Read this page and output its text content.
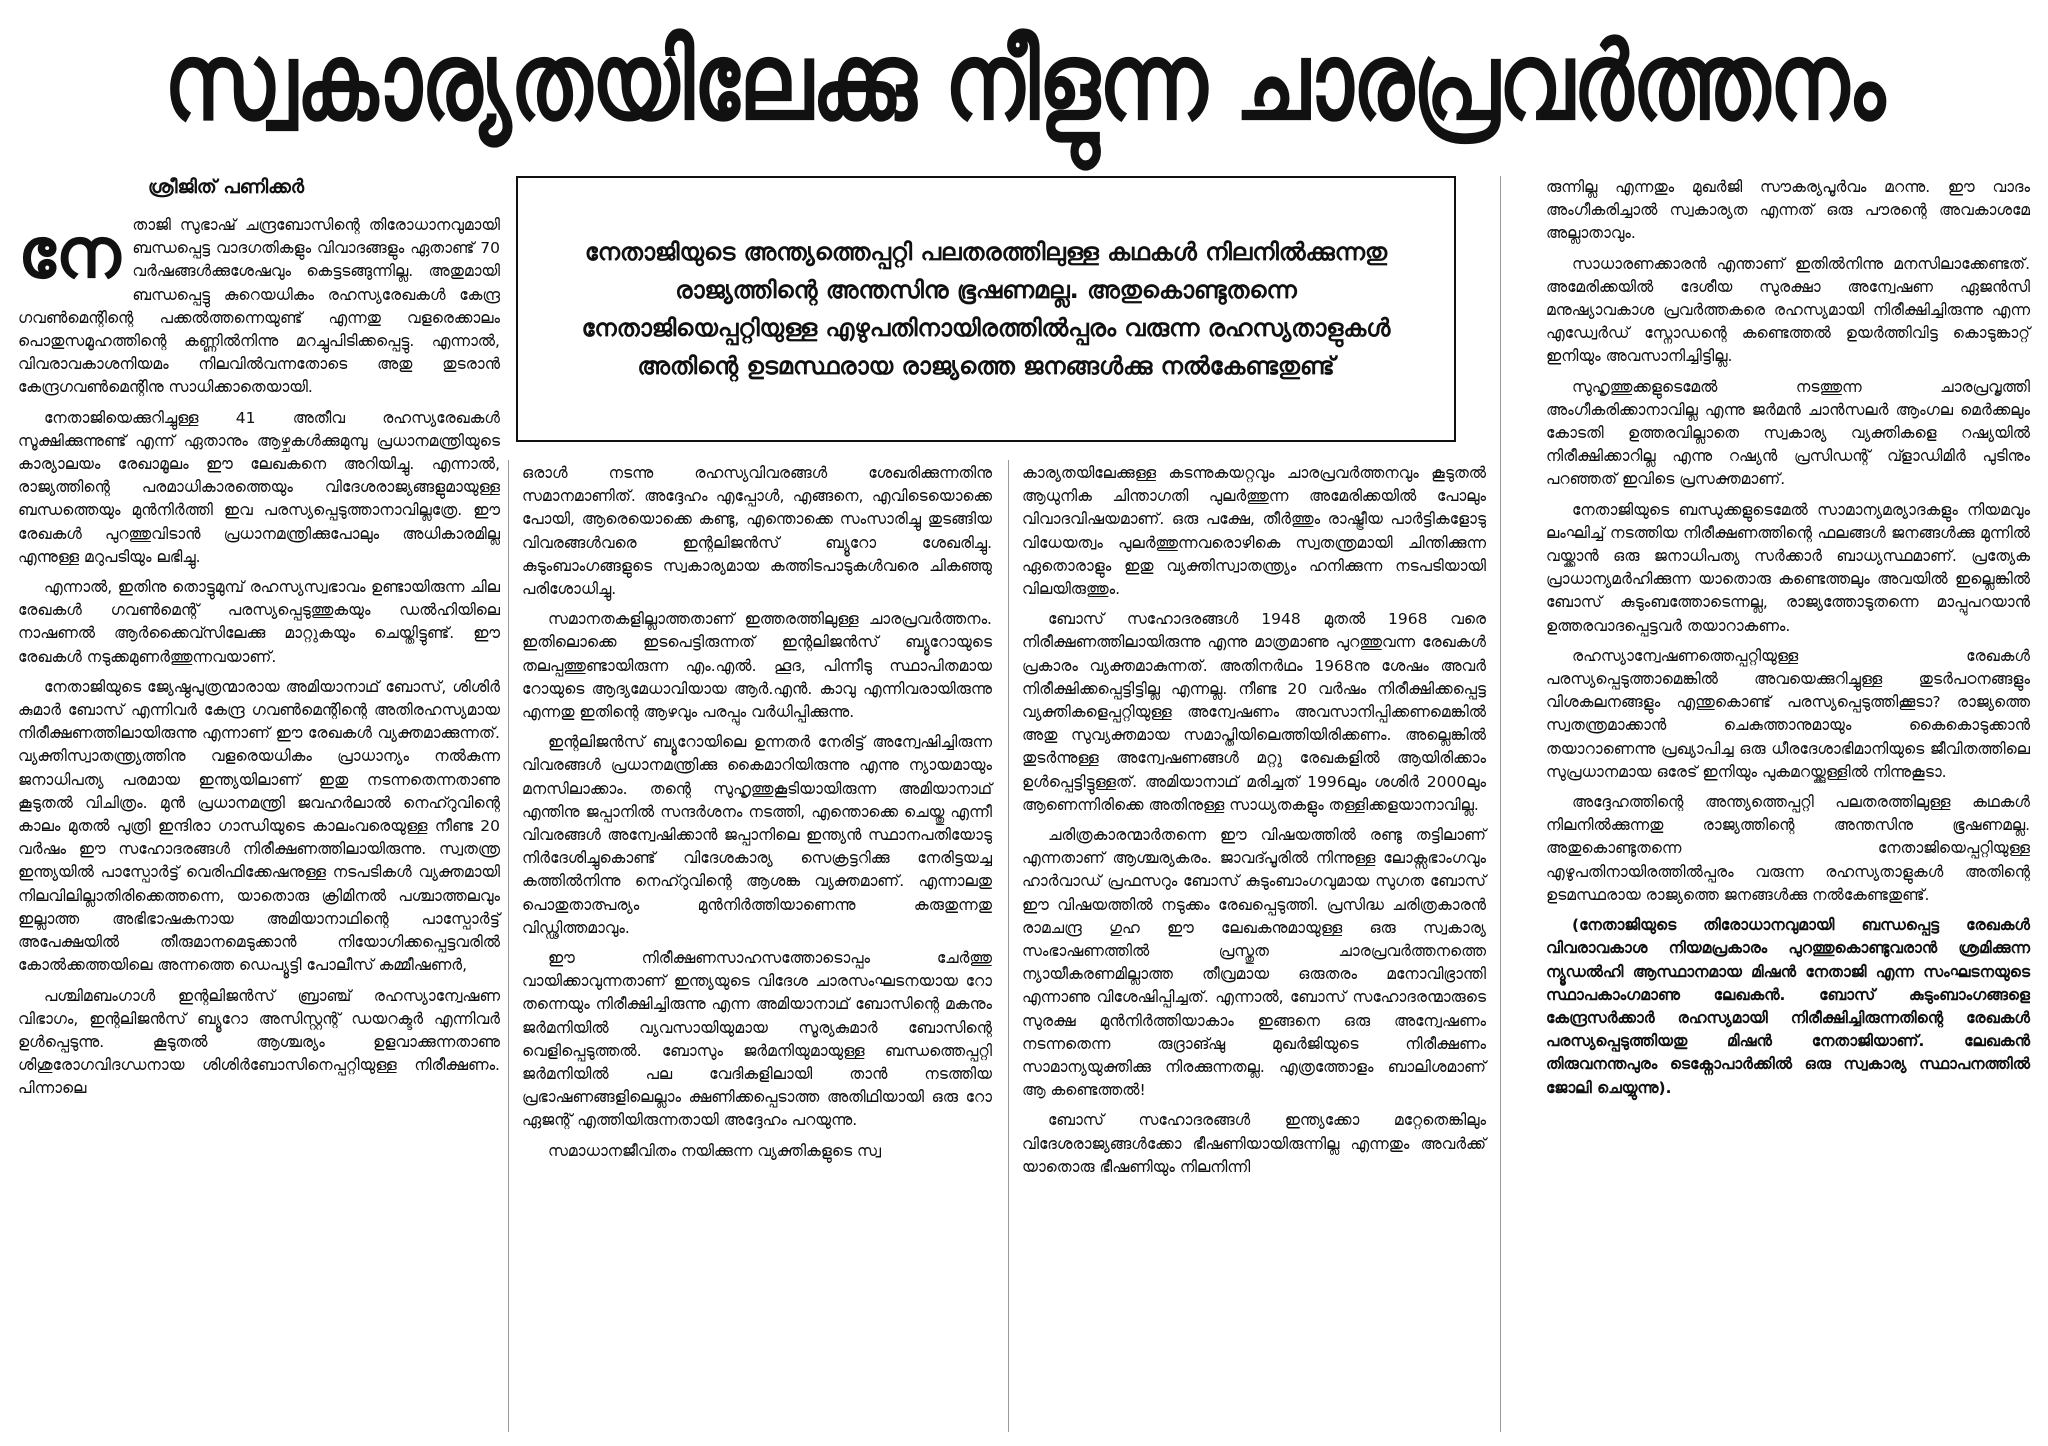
സ്വകാര്യതയിലേക്കു നീളുന്ന ചാരപ്രവർത്തനം
ശ്രീജിത് പണിക്കർ
നേതാജിയുടെ അന്ത്യത്തെപ്പറ്റി പലതരത്തിലുള്ള കഥകൾ നിലനിൽക്കുന്നതു രാജ്യത്തിന്റെ അന്തസിനു ഭൂഷണമല്ല. അതുകൊണ്ടുതന്നെ നേതാജിയെപ്പറ്റിയുള്ള എഴുപതിനായിരത്തിൽപ്പരം വരുന്ന രഹസ്യതാളുകൾ അതിന്റെ ഉടമസ്ഥരായ രാജ്യത്തെ ജനങ്ങൾക്കു നൽകേണ്ടതുണ്ട്

നേതാജി സുഭാഷ് ചന്ദ്രബോസിന്റെ തിരോധാനവുമായി ബന്ധപ്പെട്ട വാദഗതികളും വിവാദങ്ങളും ഏതാണ്ട് 70 വർഷങ്ങൾക്കുശേഷവും കെട്ടടങ്ങുന്നില്ല. അതുമായി ബന്ധപ്പെട്ടു കുറെയധികം രഹസ്യരേഖകൾ കേന്ദ്ര ഗവൺമെന്റിന്റെ പക്കൽത്തന്നെയുണ്ട് എന്നതു വളരെക്കാലം പൊതുസമൂഹത്തിന്റെ കണ്ണിൽനിന്നു മറച്ചുപിടിക്കപ്പെട്ടു. എന്നാൽ, വിവരാവകാശനിയമം നിലവിൽവന്നതോടെ അതു തുടരാൻ കേന്ദ്രഗവൺമെന്റിനു സാധിക്കാതെയായി.

നേതാജിയെക്കുറിച്ചുള്ള 41 അതീവ രഹസ്യരേഖകൾ സൂക്ഷിക്കുന്നുണ്ട് എന്ന് ഏതാനും ആഴ്ചകൾക്കുമുമ്പു പ്രധാനമന്ത്രിയുടെ കാര്യാലയം രേഖാമൂലം ഈ ലേഖകനെ അറിയിച്ചു. എന്നാൽ, രാജ്യത്തിന്റെ പരമാധികാരത്തെയും വിദേശരാജ്യങ്ങളുമായുള്ള ബന്ധത്തെയും മുൻനിർത്തി ഇവ പരസ്യപ്പെടുത്താനാവില്ലത്രേ. ഈ രേഖകൾ പുറത്തുവിടാൻ പ്രധാനമന്ത്രിക്കുപോലും അധികാരമില്ല എന്നുള്ള മറുപടിയും ലഭിച്ചു.

എന്നാൽ, ഇതിനു തൊട്ടുമുമ്പ് രഹസ്യസ്വഭാവം ഉണ്ടായിരുന്ന ചില രേഖകൾ ഗവൺമെന്റ് പരസ്യപ്പെടുത്തുകയും ഡൽഹിയിലെ നാഷണൽ ആർക്കൈവ്സിലേക്കു മാറ്റുകയും ചെയ്തിട്ടുണ്ട്. ഈ രേഖകൾ നടുക്കമുണർത്തുന്നവയാണ്.

നേതാജിയുടെ ജ്യേഷ്ഠപുത്രന്മാരായ അമിയാനാഥ് ബോസ്, ശിശിർ കുമാർ ബോസ് എന്നിവർ കേന്ദ്ര ഗവൺമെന്റിന്റെ അതിരഹസ്യമായ നിരീക്ഷണത്തിലായിരുന്നു എന്നാണ് ഈ രേഖകൾ വ്യക്തമാക്കുന്നത്. വ്യക്തിസ്വാതന്ത്ര്യത്തിനു വളരെയധികം പ്രാധാന്യം നൽകുന്ന ജനാധിപത്യ പരമായ ഇന്ത്യയിലാണ് ഇതു നടന്നതെന്നതാണു കൂടുതൽ വിചിത്രം. മുൻ പ്രധാനമന്ത്രി ജവഹർലാൽ നെഹ്റുവിന്റെ കാലം മുതൽ പുത്രി ഇന്ദിരാ ഗാന്ധിയുടെ കാലംവരെയുള്ള നീണ്ട 20 വർഷം ഈ സഹോദരങ്ങൾ നിരീക്ഷണത്തിലായിരുന്നു. സ്വതന്ത്ര ഇന്ത്യയിൽ പാസ്പോർട്ട് വെരിഫിക്കേഷനുള്ള നടപടികൾ വ്യക്തമായി നിലവിലില്ലാതിരിക്കെത്തന്നെ, യാതൊരു ക്രിമിനൽ പശ്ചാത്തലവും ഇല്ലാത്ത അഭിഭാഷകനായ അമിയാനാഥിന്റെ പാസ്പോർട്ട് അപേക്ഷയിൽ തീരുമാനമെടുക്കാൻ നിയോഗിക്കപ്പെട്ടവരിൽ കോൽക്കത്തയിലെ അന്നത്തെ ഡെപ്യൂട്ടി പോലീസ് കമ്മീഷണർ,

പശ്ചിമബംഗാൾ ഇന്റലിജൻസ് ബ്രാഞ്ച് രഹസ്യാന്വേഷണ വിഭാഗം, ഇന്റലിജൻസ് ബ്യൂറോ അസിസ്റ്റന്റ് ഡയറക്ടർ എന്നിവർ ഉൾപ്പെടുന്നു. കൂടുതൽ ആശ്ചര്യം ഉളവാക്കുന്നതാണു ശിശുരോഗവിദഗ്ധനായ ശിശിർബോസിനെപ്പറ്റിയുള്ള നിരീക്ഷണം. പിന്നാലെ

ഒരാൾ നടന്നു രഹസ്യവിവരങ്ങൾ ശേഖരിക്കുന്നതിനു സമാനമാണിത്. അദ്ദേഹം എപ്പോൾ, എങ്ങനെ, എവിടെയൊക്കെ പോയി, ആരെയൊക്കെ കണ്ടു, എന്തൊക്കെ സംസാരിച്ചു തുടങ്ങിയ വിവരങ്ങൾവരെ ഇന്റലിജൻസ് ബ്യൂറോ ശേഖരിച്ചു. കുടുംബാംഗങ്ങളുടെ സ്വകാര്യമായ കത്തിടപാടുകൾവരെ ചികഞ്ഞു പരിശോധിച്ചു.

സമാനതകളില്ലാത്തതാണ് ഇത്തരത്തിലുള്ള ചാരപ്രവർത്തനം. ഇതിലൊക്കെ ഇടപെട്ടിരുന്നത് ഇന്റലിജൻസ് ബ്യൂറോയുടെ തലപ്പത്തുണ്ടായിരുന്ന എം.എൽ. ഹൂദ, പിന്നീടു സ്ഥാപിതമായ റോയുടെ ആദ്യമേധാവിയായ ആർ.എൻ. കാവു എന്നിവരായിരുന്നു എന്നതു ഇതിന്റെ ആഴവും പരപ്പും വർധിപ്പിക്കുന്നു.

ഇന്റലിജൻസ് ബ്യൂറോയിലെ ഉന്നതർ നേരിട്ട് അന്വേഷിച്ചിരുന്ന വിവരങ്ങൾ പ്രധാനമന്ത്രിക്കു കൈമാറിയിരുന്നു എന്നു ന്യായമായും മനസിലാക്കാം. തന്റെ സുഹൃത്തുകൂടിയായിരുന്ന അമിയാനാഥ് എന്തിനു ജപ്പാനിൽ സന്ദർശനം നടത്തി, എന്തൊക്കെ ചെയ്തു എന്നീ വിവരങ്ങൾ അന്വേഷിക്കാൻ ജപ്പാനിലെ ഇന്ത്യൻ സ്ഥാനപതിയോടു നിർദേശിച്ചുകൊണ്ട് വിദേശകാര്യ സെക്രട്ടറിക്കു നേരിട്ടയച്ച കത്തിൽനിന്നു നെഹ്റുവിന്റെ ആശങ്ക വ്യക്തമാണ്. എന്നാലതു പൊതുതാത്പര്യം മുൻനിർത്തിയാണെന്നു കരുതുന്നതു വിഡ്ഢിത്തമാവും.

ഈ നിരീക്ഷണസാഹസത്തോടൊപ്പം ചേർത്തു വായിക്കാവുന്നതാണ് ഇന്ത്യയുടെ വിദേശ ചാരസംഘടനയായ റോ തന്നെയും നിരീക്ഷിച്ചിരുന്നു എന്ന അമിയാനാഥ് ബോസിന്റെ മകനും ജർമനിയിൽ വ്യവസായിയുമായ സൂര്യകുമാർ ബോസിന്റെ വെളിപ്പെടുത്തൽ. ബോസും ജർമനിയുമായുള്ള ബന്ധത്തെപ്പറ്റി ജർമനിയിൽ പല വേദികളിലായി താൻ നടത്തിയ പ്രഭാഷണങ്ങളിലെല്ലാം ക്ഷണിക്കപ്പെടാത്ത അതിഥിയായി ഒരു റോ ഏജന്റ് എത്തിയിരുന്നതായി അദ്ദേഹം പറയുന്നു.

സമാധാനജീവിതം നയിക്കുന്ന വ്യക്തികളുടെ സ്വ

കാര്യതയിലേക്കുള്ള കടന്നുകയറ്റവും ചാരപ്രവർത്തനവും കൂടുതൽ ആധുനിക ചിന്താഗതി പുലർത്തുന്ന അമേരിക്കയിൽ പോലും വിവാദവിഷയമാണ്. ഒരു പക്ഷേ, തീർത്തും രാഷ്ട്രീയ പാർട്ടികളോടു വിധേയത്വം പുലർത്തുന്നവരൊഴികെ സ്വതന്ത്രമായി ചിന്തിക്കുന്ന ഏതൊരാളും ഇതു വ്യക്തിസ്വാതന്ത്ര്യം ഹനിക്കുന്ന നടപടിയായി വിലയിരുത്തും.

ബോസ് സഹോദരങ്ങൾ 1948 മുതൽ 1968 വരെ നിരീക്ഷണത്തിലായിരുന്നു എന്നു മാത്രമാണു പുറത്തുവന്ന രേഖകൾ പ്രകാരം വ്യക്തമാകുന്നത്. അതിനർഥം 1968നു ശേഷം അവർ നിരീക്ഷിക്കപ്പെട്ടിട്ടില്ല എന്നല്ല. നീണ്ട 20 വർഷം നിരീക്ഷിക്കപ്പെട്ട വ്യക്തികളെപ്പറ്റിയുള്ള അന്വേഷണം അവസാനിപ്പിക്കണമെങ്കിൽ അതു സുവ്യക്തമായ സമാപ്തിയിലെത്തിയിരിക്കണം. അല്ലെങ്കിൽ തുടർന്നുള്ള അന്വേഷണങ്ങൾ മറ്റു രേഖകളിൽ ആയിരിക്കാം ഉൾപ്പെട്ടിട്ടുള്ളത്. അമിയാനാഥ് മരിച്ചത് 1996ലും ശശിർ 2000ലും ആണെന്നിരിക്കെ അതിനുള്ള സാധ്യതകളും തള്ളിക്കളയാനാവില്ല.

ചരിത്രകാരന്മാർതന്നെ ഈ വിഷയത്തിൽ രണ്ടു തട്ടിലാണ് എന്നതാണ് ആശ്ചര്യകരം. ജാവദ്പൂരിൽ നിന്നുള്ള ലോക്സഭാംഗവും ഹാർവാഡ് പ്രഫസറും ബോസ് കുടുംബാംഗവുമായ സുഗത ബോസ് ഈ വിഷയത്തിൽ നടുക്കം രേഖപ്പെടുത്തി. പ്രസിദ്ധ ചരിത്രകാരൻ രാമചന്ദ്ര ഗുഹ ഈ ലേഖകനുമായുള്ള ഒരു സ്വകാര്യ സംഭാഷണത്തിൽ പ്രസ്തുത ചാരപ്രവർത്തനത്തെ ന്യായീകരണമില്ലാത്ത തീവ്രമായ ഒരുതരം മനോവിഭ്രാന്തി എന്നാണു വിശേഷിപ്പിച്ചത്. എന്നാൽ, ബോസ് സഹോദരന്മാരുടെ സുരക്ഷ മുൻനിർത്തിയാകാം ഇങ്ങനെ ഒരു അന്വേഷണം നടന്നതെന്ന രുദ്രാങ്ഷു മുഖർജിയുടെ നിരീക്ഷണം സാമാന്യയുക്തിക്കു നിരക്കുന്നതല്ല. എത്രത്തോളം ബാലിശമാണ് ആ കണ്ടെത്തൽ!

ബോസ് സഹോദരങ്ങൾ ഇന്ത്യക്കോ മറ്റേതെങ്കിലും വിദേശരാജ്യങ്ങൾക്കോ ഭീഷണിയായിരുന്നില്ല എന്നതും അവർക്ക് യാതൊരു ഭീഷണിയും നിലനിന്നി

രുന്നില്ല എന്നതും മുഖർജി സൗകര്യപൂർവം മറന്നു. ഈ വാദം അംഗീകരിച്ചാൽ സ്വകാര്യത എന്നത് ഒരു പൗരന്റെ അവകാശമേ അല്ലാതാവും.

സാധാരണക്കാരൻ എന്താണ് ഇതിൽനിന്നു മനസിലാക്കേണ്ടത്. അമേരിക്കയിൽ ദേശീയ സുരക്ഷാ അന്വേഷണ ഏജൻസി മനുഷ്യാവകാശ പ്രവർത്തകരെ രഹസ്യമായി നിരീക്ഷിച്ചിരുന്നു എന്ന എഡ്വേർഡ് സ്നോഡന്റെ കണ്ടെത്തൽ ഉയർത്തിവിട്ട കൊടുങ്കാറ്റ് ഇനിയും അവസാനിച്ചിട്ടില്ല.

സുഹൃത്തുക്കളുടെമേൽ നടത്തുന്ന ചാരപ്രവൃത്തി അംഗീകരിക്കാനാവില്ല എന്നു ജർമൻ ചാൻസലർ ആംഗല മെർക്കലും കോടതി ഉത്തരവില്ലാതെ സ്വകാര്യ വ്യക്തികളെ റഷ്യയിൽ നിരീക്ഷിക്കാറില്ല എന്നു റഷ്യൻ പ്രസിഡന്റ് വ്ളാഡിമിർ പുടിനും പറഞ്ഞത് ഇവിടെ പ്രസക്തമാണ്.

നേതാജിയുടെ ബന്ധുക്കളുടെമേൽ സാമാന്യമര്യാദകളും നിയമവും ലംഘിച്ച് നടത്തിയ നിരീക്ഷണത്തിന്റെ ഫലങ്ങൾ ജനങ്ങൾക്കു മുന്നിൽ വയ്ക്കാൻ ഒരു ജനാധിപത്യ സർക്കാർ ബാധ്യസ്ഥമാണ്. പ്രത്യേക പ്രാധാന്യമർഹിക്കുന്ന യാതൊരു കണ്ടെത്തലും അവയിൽ ഇല്ലെങ്കിൽ ബോസ് കുടുംബത്തോടെന്നല്ല, രാജ്യത്തോടുതന്നെ മാപ്പുപറയാൻ ഉത്തരവാദപ്പെട്ടവർ തയാറാകണം.

രഹസ്യാന്വേഷണത്തെപ്പറ്റിയുള്ള രേഖകൾ പരസ്യപ്പെടുത്താമെങ്കിൽ അവയെക്കുറിച്ചുള്ള തുടർപഠനങ്ങളും വിശകലനങ്ങളും എന്തുകൊണ്ട് പരസ്യപ്പെടുത്തിക്കൂടാ? രാജ്യത്തെ സ്വതന്ത്രമാക്കാൻ ചെകുത്താനുമായും കൈകൊടുക്കാൻ തയാറാണെന്നു പ്രഖ്യാപിച്ച ഒരു ധീരദേശാഭിമാനിയുടെ ജീവിതത്തിലെ സുപ്രധാനമായ ഒരേട് ഇനിയും പുകമറയ്ക്കുള്ളിൽ നിന്നുകൂടാ.

അദ്ദേഹത്തിന്റെ അന്ത്യത്തെപ്പറ്റി പലതരത്തിലുള്ള കഥകൾ നിലനിൽക്കുന്നതു രാജ്യത്തിന്റെ അന്തസിനു ഭൂഷണമല്ല. അതുകൊണ്ടുതന്നെ നേതാജിയെപ്പറ്റിയുള്ള എഴുപതിനായിരത്തിൽപ്പരം വരുന്ന രഹസ്യതാളുകൾ അതിന്റെ ഉടമസ്ഥരായ രാജ്യത്തെ ജനങ്ങൾക്കു നൽകേണ്ടതുണ്ട്.

(നേതാജിയുടെ തിരോധാനവുമായി ബന്ധപ്പെട്ട രേഖകൾ വിവരാവകാശ നിയമപ്രകാരം പുറത്തുകൊണ്ടുവരാൻ ശ്രമിക്കുന്ന ന്യൂഡൽഹി ആസ്ഥാനമായ മിഷൻ നേതാജി എന്ന സംഘടനയുടെ സ്ഥാപകാംഗമാണു ലേഖകൻ. ബോസ് കുടുംബാംഗങ്ങളെ കേന്ദ്രസർക്കാർ രഹസ്യമായി നിരീക്ഷിച്ചിരുന്നതിന്റെ രേഖകൾ പരസ്യപ്പെടുത്തിയതു മിഷൻ നേതാജിയാണ്. ലേഖകൻ തിരുവനന്തപുരം ടെക്നോപാർക്കിൽ ഒരു സ്വകാര്യ സ്ഥാപനത്തിൽ ജോലി ചെയ്യുന്നു).
